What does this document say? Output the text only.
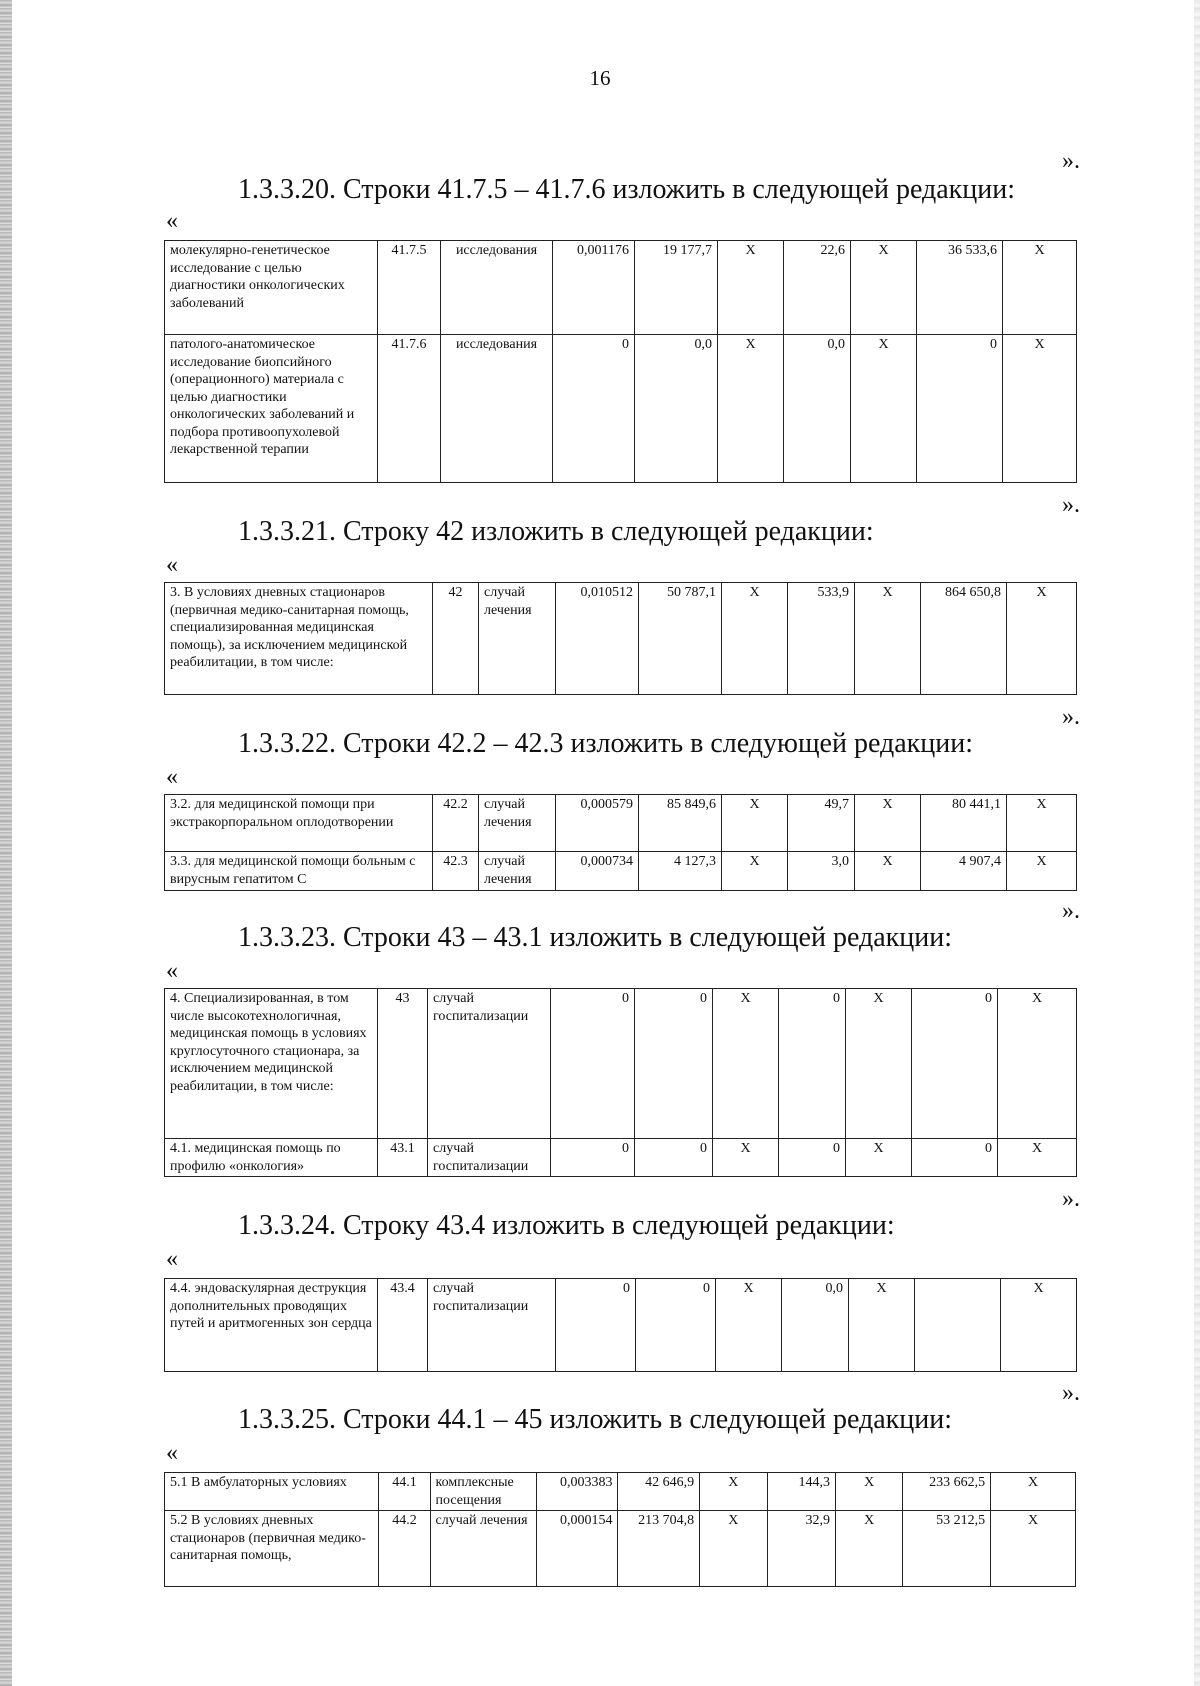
16
».
1.3.3.20. Строки 41.7.5 – 41.7.6 изложить в следующей редакции:
«
молекулярно-генетическое исследование с целью диагностики онкологических заболеваний	41.7.5	исследования	0,001176	19 177,7	X	22,6	X	36 533,6	X
патолого-анатомическое исследование биопсийного (операционного) материала с целью диагностики онкологических заболеваний и подбора противоопухолевой лекарственной терапии	41.7.6	исследования	0	0,0	X	0,0	X	0	X
».
1.3.3.21. Строку 42 изложить в следующей редакции:
«
3. В условиях дневных стационаров (первичная медико-санитарная помощь, специализированная медицинская помощь), за исключением медицинской реабилитации, в том числе:	42	случай лечения	0,010512	50 787,1	X	533,9	X	864 650,8	X
».
1.3.3.22. Строки 42.2 – 42.3 изложить в следующей редакции:
«
3.2. для медицинской помощи при экстракорпоральном оплодотворении	42.2	случай лечения	0,000579	85 849,6	X	49,7	X	80 441,1	X
3.3. для медицинской помощи больным с вирусным гепатитом С	42.3	случай лечения	0,000734	4 127,3	X	3,0	X	4 907,4	X
».
1.3.3.23. Строки 43 – 43.1 изложить в следующей редакции:
«
4. Специализированная, в том числе высокотехнологичная, медицинская помощь в условиях круглосуточного стационара, за исключением медицинской реабилитации, в том числе:	43	случай госпитализации	0	0	X	0	X	0	X
4.1. медицинская помощь по профилю «онкология»	43.1	случай госпитализации	0	0	X	0	X	0	X
».
1.3.3.24. Строку 43.4 изложить в следующей редакции:
«
4.4. эндоваскулярная деструкция дополнительных проводящих путей и аритмогенных зон сердца	43.4	случай госпитализации	0	0	X	0,0	X		X
».
1.3.3.25. Строки 44.1 – 45 изложить в следующей редакции:
«
5.1 В амбулаторных условиях	44.1	комплексные посещения	0,003383	42 646,9	X	144,3	X	233 662,5	X
5.2 В условиях дневных стационаров (первичная медико-санитарная помощь,	44.2	случай лечения	0,000154	213 704,8	X	32,9	X	53 212,5	X
